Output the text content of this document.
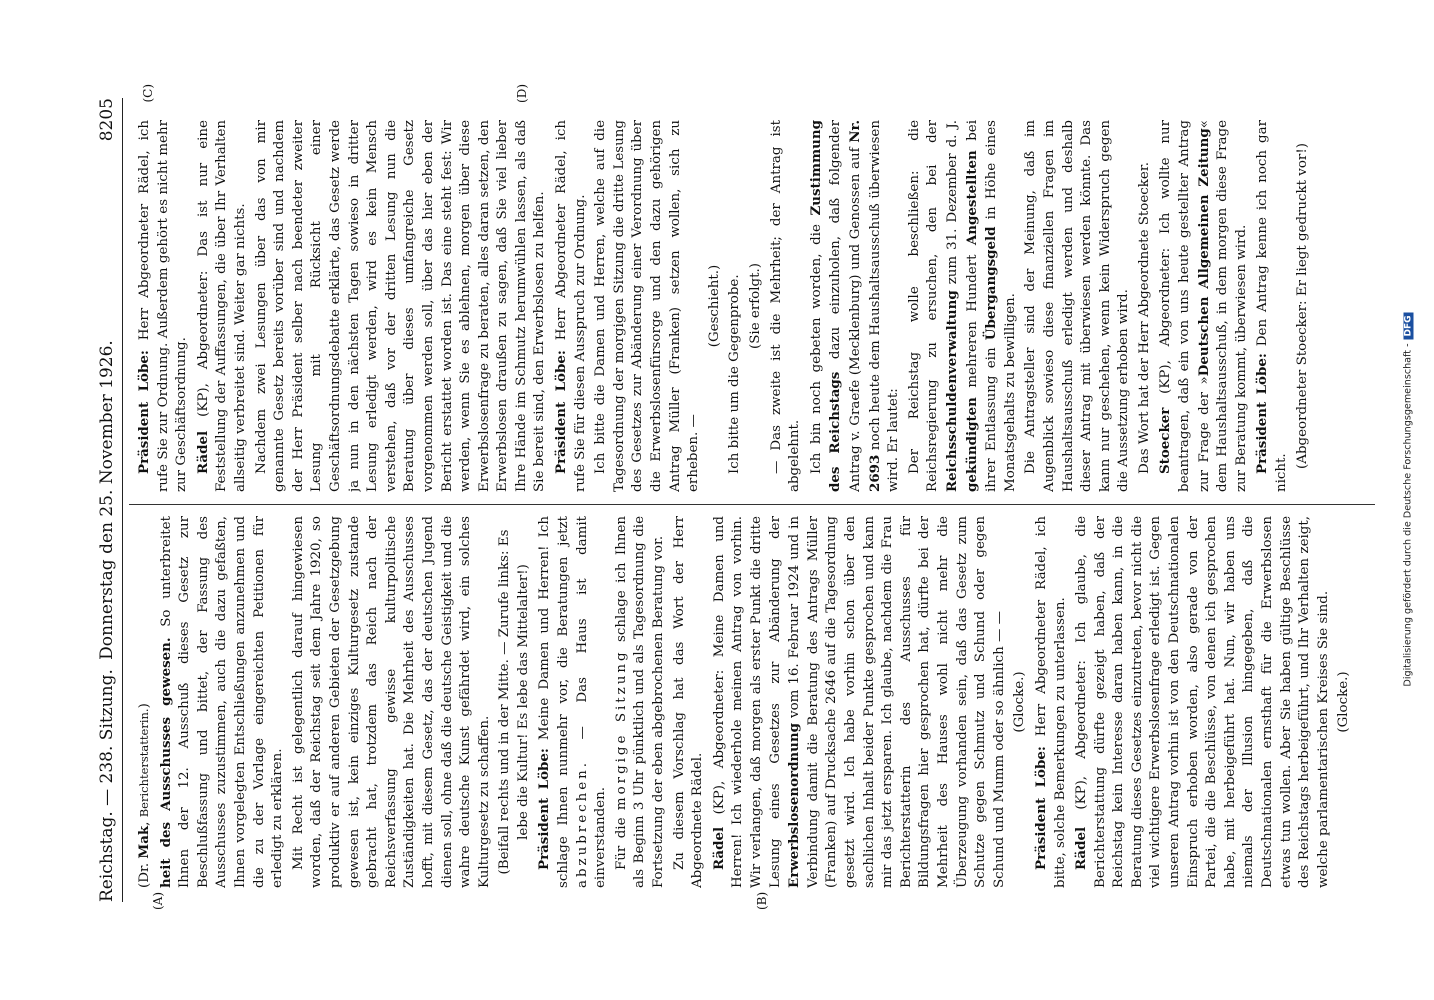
Reichstag. — 238. Sitzung.
Donnerstag den 25. November 1926.
8205
(A)	(B)
(C)	(D)

(Dr. Mak, Berichterstatterin.) heit des Ausschusses gewesen. So unterbreitet Ihnen der 12. Ausschuß dieses Gesetz zur Beschlußfassung und bittet, der Fassung des Ausschusses zuzustimmen, auch die dazu gefaßten, Ihnen vorgelegten Entschließungen anzunehmen und die zu der Vorlage eingereichten Petitionen für erledigt zu erklären. Mit Recht ist gelegentlich darauf hingewiesen worden, daß der Reichstag seit dem Jahre 1920, so produktiv er auf anderen Gebieten der Gesetzgebung gewesen ist, kein einziges Kulturgesetz zustande gebracht hat, trotzdem das Reich nach der Reichsverfassung gewisse kulturpolitische Zuständigkeiten hat. Die Mehrheit des Ausschusses hofft, mit diesem Gesetz, das der deutschen Jugend dienen soll, ohne daß die deutsche Geistigkeit und die wahre deutsche Kunst gefährdet wird, ein solches Kulturgesetz zu schaffen. (Beifall rechts und in der Mitte. — Zurufe links: Es lebe die Kultur! Es lebe das Mittelalter!) Präsident Löbe: Meine Damen und Herren! Ich schlage Ihnen nunmehr vor, die Beratungen jetzt abzubrechen. — Das Haus ist damit einverstanden. Für die morgige Sitzung schlage ich Ihnen als Beginn 3 Uhr pünktlich und als Tagesordnung die Fortsetzung der eben abgebrochenen Beratung vor. Zu diesem Vorschlag hat das Wort der Herr Abgeordnete Rädel. Rädel (KP), Abgeordneter: Meine Damen und Herren! Ich wiederhole meinen Antrag von vorhin. Wir verlangen, daß morgen als erster Punkt die dritte Lesung eines Gesetzes zur Abänderung der Erwerbslosenordnung vom 16. Februar 1924 und in Verbindung damit die Beratung des Antrags Müller (Franken) auf Drucksache 2646 auf die Tagesordnung gesetzt wird. Ich habe vorhin schon über den sachlichen Inhalt beider Punkte gesprochen und kann mir das jetzt ersparen. Ich glaube, nachdem die Frau Berichterstatterin des Ausschusses für Bildungsfragen hier gesprochen hat, dürfte bei der Mehrheit des Hauses wohl nicht mehr die Überzeugung vorhanden sein, daß das Gesetz zum Schutze gegen Schmutz und Schund oder gegen Schund und Mumm oder so ähnlich — — (Glocke.)

Präsident Löbe: Herr Abgeordneter Rädel, ich bitte, solche Bemerkungen zu unterlassen. Rädel (KP), Abgeordneter: Ich glaube, die Berichterstattung dürfte gezeigt haben, daß der Reichstag kein Interesse daran haben kann, in die Beratung dieses Gesetzes einzutreten, bevor nicht die viel wichtigere Erwerbslosenfrage erledigt ist. Gegen unseren Antrag vorhin ist von den Deutschnationalen Einspruch erhoben worden, also gerade von der Partei, die die Beschlüsse, von denen ich gesprochen habe, mit herbeigeführt hat. Nun, wir haben uns niemals der Illusion hingegeben, daß die Deutschnationalen ernsthaft für die Erwerbslosen etwas tun wollen. Aber Sie haben gültige Beschlüsse des Reichstags herbeigeführt, und Ihr Verhalten zeigt, welche parlamentarischen Kreises Sie sind. (Glocke.)

Präsident Löbe: Herr Abgeordneter Rädel, ich rufe Sie zur Ordnung. Außerdem gehört es nicht mehr zur Geschäftsordnung. Rädel (KP), Abgeordneter: Das ist nur eine Feststellung der Auffassungen, die über Ihr Verhalten allseitig verbreitet sind. Weiter gar nichts. Nachdem zwei Lesungen über das von mir genannte Gesetz bereits vorüber sind und nachdem der Herr Präsident selber nach beendeter zweiter Lesung mit Rücksicht einer Geschäftsordnungsdebatte erklärte, das Gesetz werde ja nun in den nächsten Tagen sowieso in dritter Lesung erledigt werden, wird es kein Mensch verstehen, daß vor der dritten Lesung nun die Beratung über dieses umfangreiche Gesetz vorgenommen werden soll, über das hier eben der Bericht erstattet worden ist. Das eine steht fest: Wir werden, wenn Sie es ablehnen, morgen über diese Erwerbslosenfrage zu beraten, alles daran setzen, den Erwerbslosen draußen zu sagen, daß Sie viel lieber Ihre Hände im Schmutz herumwühlen lassen, als daß Sie bereit sind, den Erwerbslosen zu helfen. Präsident Löbe: Herr Abgeordneter Rädel, ich rufe Sie für diesen Ausspruch zur Ordnung. Ich bitte die Damen und Herren, welche auf die Tagesordnung der morgigen Sitzung die dritte Lesung des Gesetzes zur Abänderung einer Verordnung über die Erwerbslosenfürsorge und den dazu gehörigen Antrag Müller (Franken) setzen wollen, sich zu erheben. —

(Geschieht.) Ich bitte um die Gegenprobe. (Sie erfolgt.) — Das zweite ist die Mehrheit; der Antrag ist abgelehnt. Ich bin noch gebeten worden, die Zustimmung des Reichstags dazu einzuholen, daß folgender Antrag v. Graefe (Mecklenburg) und Genossen auf Nr. 2693 noch heute dem Haushaltsausschuß überwiesen wird. Er lautet: Der Reichstag wolle beschließen: die Reichsregierung zu ersuchen, den bei der Reichsschuldenverwaltung zum 31. Dezember d. J. gekündigten mehreren Hundert Angestellten bei ihrer Entlassung ein Übergangsgeld in Höhe eines Monatsgehalts zu bewilligen. Die Antragsteller sind der Meinung, daß im Augenblick sowieso diese finanziellen Fragen im Haushaltsausschuß erledigt werden und deshalb dieser Antrag mit überwiesen werden könnte. Das kann nur geschehen, wenn kein Widerspruch gegen die Aussetzung erhoben wird. Das Wort hat der Herr Abgeordnete Stoecker. Stoecker (KP), Abgeordneter: Ich wollte nur beantragen, daß ein von uns heute gestellter Antrag zur Frage der »Deutschen Allgemeinen Zeitung« dem Haushaltsausschuß, in dem morgen diese Frage zur Beratung kommt, überwiesen wird. Präsident Löbe: Den Antrag kenne ich noch gar nicht.

(Abgeordneter Stoecker: Er liegt gedruckt vor!)

Digitalisierung gefördert durch die Deutsche Forschungsgemeinschaft -DFG
